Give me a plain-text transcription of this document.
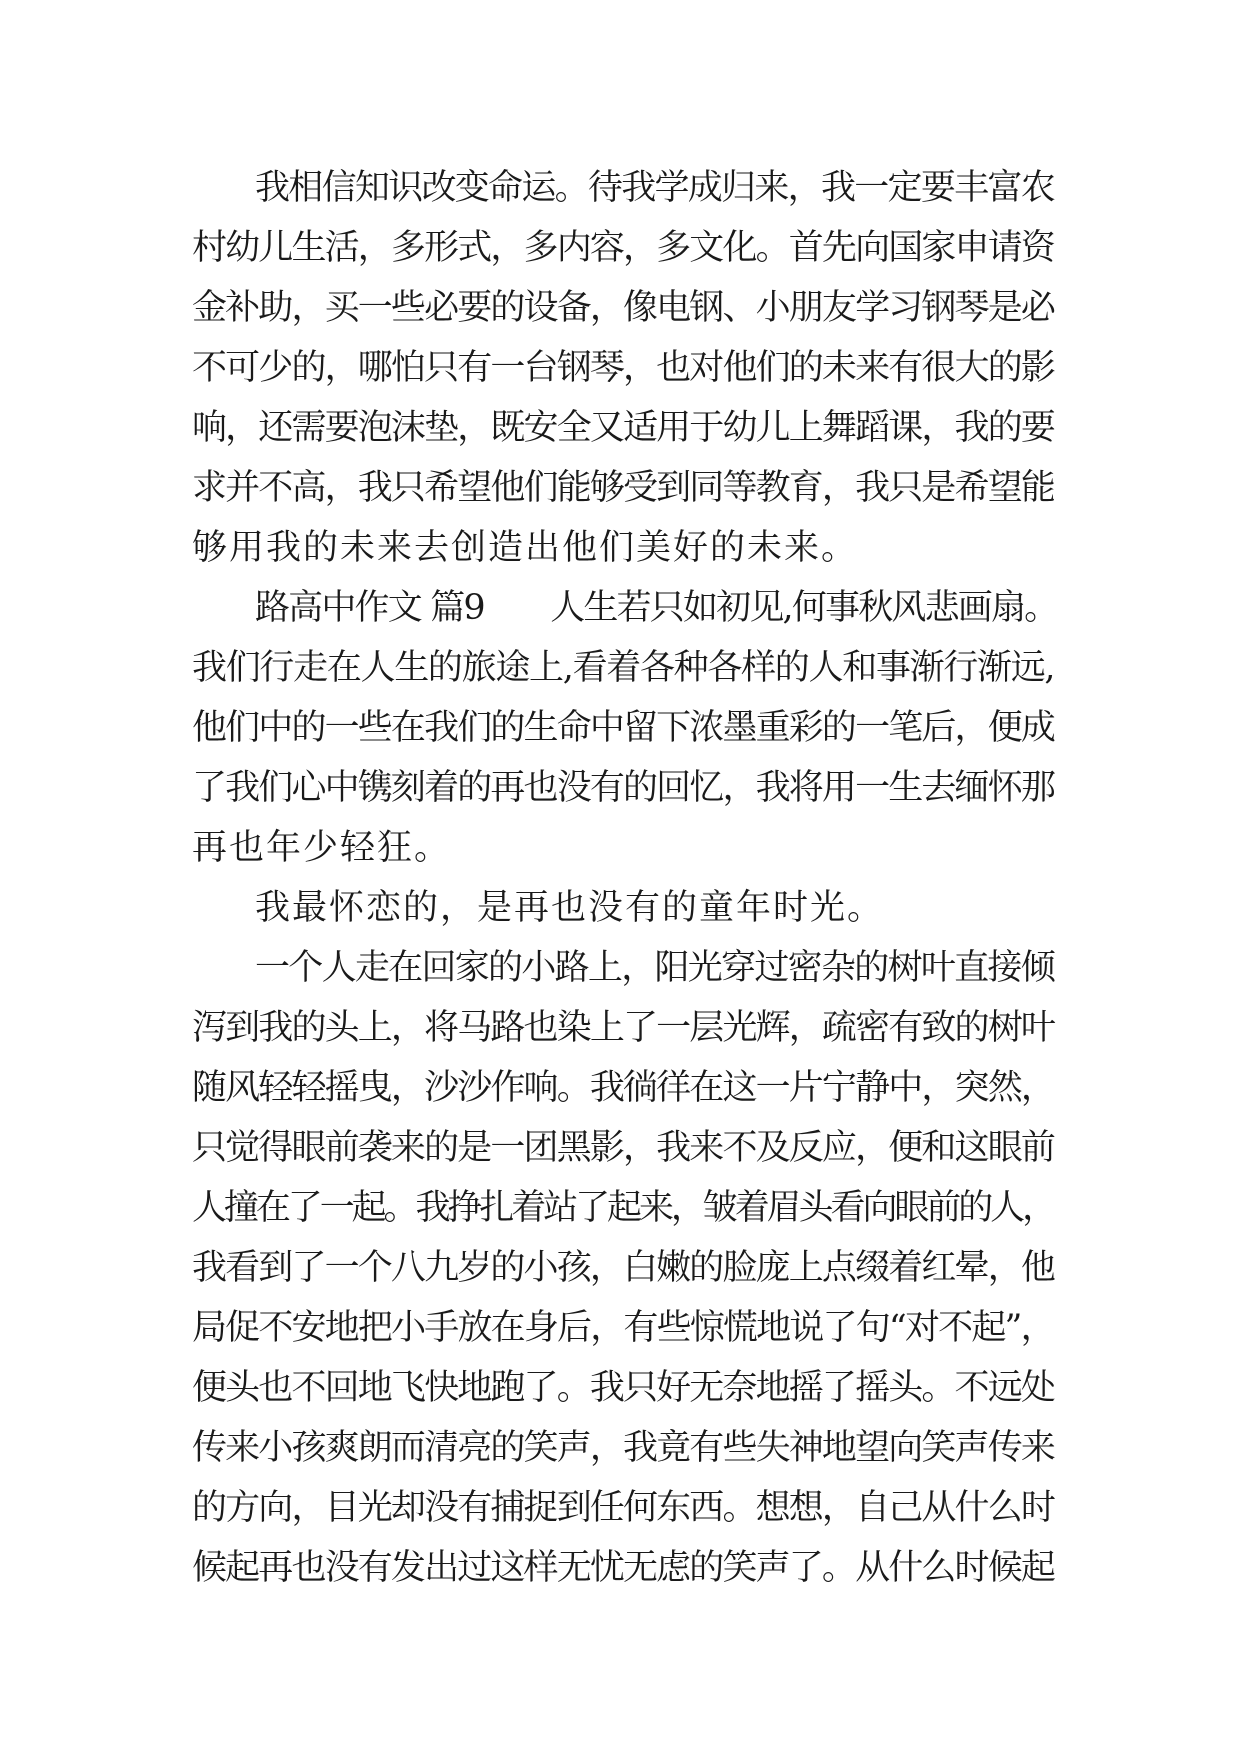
我相信知识改变命运。待我学成归来，我一定要丰富农
村幼儿生活，多形式，多内容，多文化。首先向国家申请资
金补助，买一些必要的设备，像电钢、小朋友学习钢琴是必
不可少的，哪怕只有一台钢琴，也对他们的未来有很大的影
响，还需要泡沫垫，既安全又适用于幼儿上舞蹈课，我的要
求并不高，我只希望他们能够受到同等教育，我只是希望能
够用我的未来去创造出他们美好的未来。
路高中作文 篇9　　人生若只如初见,何事秋风悲画扇。
我们行走在人生的旅途上,看着各种各样的人和事渐行渐远,
他们中的一些在我们的生命中留下浓墨重彩的一笔后，便成
了我们心中镌刻着的再也没有的回忆，我将用一生去缅怀那
再也年少轻狂。
我最怀恋的，是再也没有的童年时光。
一个人走在回家的小路上，阳光穿过密杂的树叶直接倾
泻到我的头上，将马路也染上了一层光辉，疏密有致的树叶
随风轻轻摇曳，沙沙作响。我徜徉在这一片宁静中，突然，
只觉得眼前袭来的是一团黑影，我来不及反应，便和这眼前
人撞在了一起。我挣扎着站了起来，皱着眉头看向眼前的人，
我看到了一个八九岁的小孩，白嫩的脸庞上点缀着红晕，他
局促不安地把小手放在身后，有些惊慌地说了句“对不起”，
便头也不回地飞快地跑了。我只好无奈地摇了摇头。不远处
传来小孩爽朗而清亮的笑声，我竟有些失神地望向笑声传来
的方向，目光却没有捕捉到任何东西。想想，自己从什么时
候起再也没有发出过这样无忧无虑的笑声了。从什么时候起
